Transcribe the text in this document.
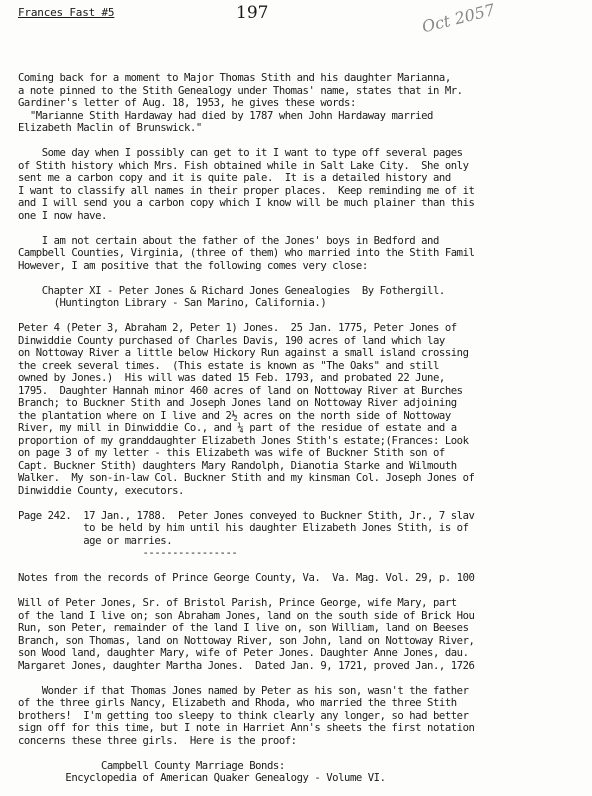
Frances Fast #5	197	Oct 2057
Coming back for a moment to Major Thomas Stith and his daughter Marianna,
a note pinned to the Stith Genealogy under Thomas' name, states that in Mr.
Gardiner's letter of Aug. 18, 1953, he gives these words:
"Marianne Stith Hardaway had died by 1787 when John Hardaway married
Elizabeth Maclin of Brunswick."
Some day when I possibly can get to it I want to type off several pages
of Stith history which Mrs. Fish obtained while in Salt Lake City.  She only
sent me a carbon copy and it is quite pale.  It is a detailed history and
I want to classify all names in their proper places.  Keep reminding me of it
and I will send you a carbon copy which I know will be much plainer than this
one I now have.
I am not certain about the father of the Jones' boys in Bedford and
Campbell Counties, Virginia, (three of them) who married into the Stith Famil
However, I am positive that the following comes very close:
Chapter XI - Peter Jones & Richard Jones Genealogies  By Fothergill.
(Huntington Library - San Marino, California.)
Peter 4 (Peter 3, Abraham 2, Peter 1) Jones.  25 Jan. 1775, Peter Jones of
Dinwiddie County purchased of Charles Davis, 190 acres of land which lay
on Nottoway River a little below Hickory Run against a small island crossing
the creek several times.  (This estate is known as "The Oaks" and still
owned by Jones.)  His will was dated 15 Feb. 1793, and probated 22 June,
1795.  Daughter Hannah minor 460 acres of land on Nottoway River at Burches
Branch; to Buckner Stith and Joseph Jones land on Nottoway River adjoining
the plantation where on I live and 2½ acres on the north side of Nottoway
River, my mill in Dinwiddie Co., and ¼ part of the residue of estate and a
proportion of my granddaughter Elizabeth Jones Stith's estate;(Frances: Look
on page 3 of my letter - this Elizabeth was wife of Buckner Stith son of
Capt. Buckner Stith) daughters Mary Randolph, Dianotia Starke and Wilmouth
Walker.  My son-in-law Col. Buckner Stith and my kinsman Col. Joseph Jones of
Dinwiddie County, executors.
Page 242.  17 Jan., 1788.  Peter Jones conveyed to Buckner Stith, Jr., 7 slav
to be held by him until his daughter Elizabeth Jones Stith, is of
age or marries.
----------------
Notes from the records of Prince George County, Va.  Va. Mag. Vol. 29, p. 100
Will of Peter Jones, Sr. of Bristol Parish, Prince George, wife Mary, part
of the land I live on; son Abraham Jones, land on the south side of Brick Hou
Run, son Peter, remainder of the land I live on, son William, land on Beeses
Branch, son Thomas, land on Nottoway River, son John, land on Nottoway River,
son Wood land, daughter Mary, wife of Peter Jones. Daughter Anne Jones, dau.
Margaret Jones, daughter Martha Jones.  Dated Jan. 9, 1721, proved Jan., 1726
Wonder if that Thomas Jones named by Peter as his son, wasn't the father
of the three girls Nancy, Elizabeth and Rhoda, who married the three Stith
brothers!  I'm getting too sleepy to think clearly any longer, so had better
sign off for this time, but I note in Harriet Ann's sheets the first notation
concerns these three girls.  Here is the proof:
Campbell County Marriage Bonds:
Encyclopedia of American Quaker Genealogy - Volume VI.
